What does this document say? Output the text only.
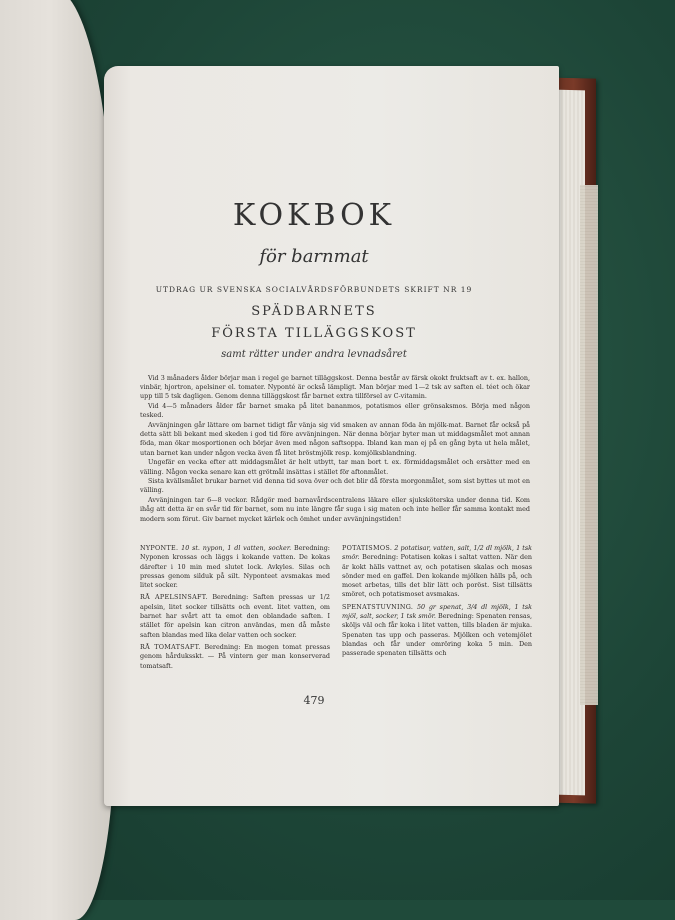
KOKBOK
för barnmat
UTDRAG UR SVENSKA SOCIALVÅRDSFÖRBUNDETS SKRIFT NR 19
SPÄDBARNETS
FÖRSTA TILLÄGGSKOST
samt rätter under andra levnadsåret

Vid 3 månaders ålder börjar man i regel ge barnet tilläggskost. Denna består av färsk okokt fruktsaft av t. ex. hallon, vinbär, hjortron, apelsiner el. tomater. Nyponté är också lämpligt. Man börjar med 1—2 tsk av saften el. téet och ökar upp till 5 tsk dagligen. Genom denna tilläggskost får barnet extra tillförsel av C-vitamin.

Vid 4—5 månaders ålder får barnet smaka på litet bananmos, potatismos eller grönsaksmos. Börja med någon tesked.

Avvänjningen går lättare om barnet tidigt får vänja sig vid smaken av annan föda än mjölk-mat. Barnet får också på detta sätt bli bekant med skeden i god tid före avvänjningen. När denna börjar byter man ut middagsmålet mot annan föda, man ökar mosportionen och börjar även med någon saftsoppa. Ibland kan man ej på en gång byta ut hela målet, utan barnet kan under någon vecka även få litet bröstmjölk resp. komjölksblandning.

Ungefär en vecka efter att middagsmålet är helt utbytt, tar man bort t. ex. förmiddagsmålet och ersätter med en välling. Någon vecka senare kan ett grötmål insättas i stället för aftonmålet.

Sista kvällsmålet brukar barnet vid denna tid sova över och det blir då första morgonmålet, som sist byttes ut mot en välling.

Avvänjningen tar 6—8 veckor. Rådgör med barnavårdscentralens läkare eller sjuksköterska under denna tid. Kom ihåg att detta är en svår tid för barnet, som nu inte längre får suga i sig maten och inte heller får samma kontakt med modern som förut. Giv barnet mycket kärlek och ömhet under avvänjningstiden!

NYPONTE. 10 st. nypon, 1 dl vatten, socker. Beredning: Nyponen krossas och läggs i kokande vatten. De kokas därefter i 10 min med slutet lock. Avkyles. Silas och pressas genom silduk på silt. Nyponteet avsmakas med litet socker.
RÅ APELSINSAFT. Beredning: Saften pressas ur 1/2 apelsin, litet socker tillsätts och event. litet vatten, om barnet har svårt att ta emot den oblandade saften. I stället för apelsin kan citron användas, men då måste saften blandas med lika delar vatten och socker.
RÅ TOMATSAFT. Beredning: En mogen tomat pressas genom hårduksskt. — På vintern ger man konserverad tomatsaft.
POTATISMOS. 2 potatisar, vatten, salt, 1/2 dl mjölk, 1 tsk smör. Beredning: Potatisen kokas i saltat vatten. När den är kokt hälls vattnet av, och potatisen skalas och mosas sönder med en gaffel. Den kokande mjölken hälls på, och moset arbetas, tills det blir lätt och poröst. Sist tillsätts smöret, och potatismoset avsmakas.
SPENATSTUVNING. 50 gr spenat, 3/4 dl mjölk, 1 tsk mjöl, salt, socker, 1 tsk smör. Beredning: Spenaten rensas, sköljs väl och får koka i litet vatten, tills bladen är mjuka. Spenaten tas upp och passeras. Mjölken och vetemjölet blandas och får under omröring koka 5 min. Den passerade spenaten tillsätts och
479
